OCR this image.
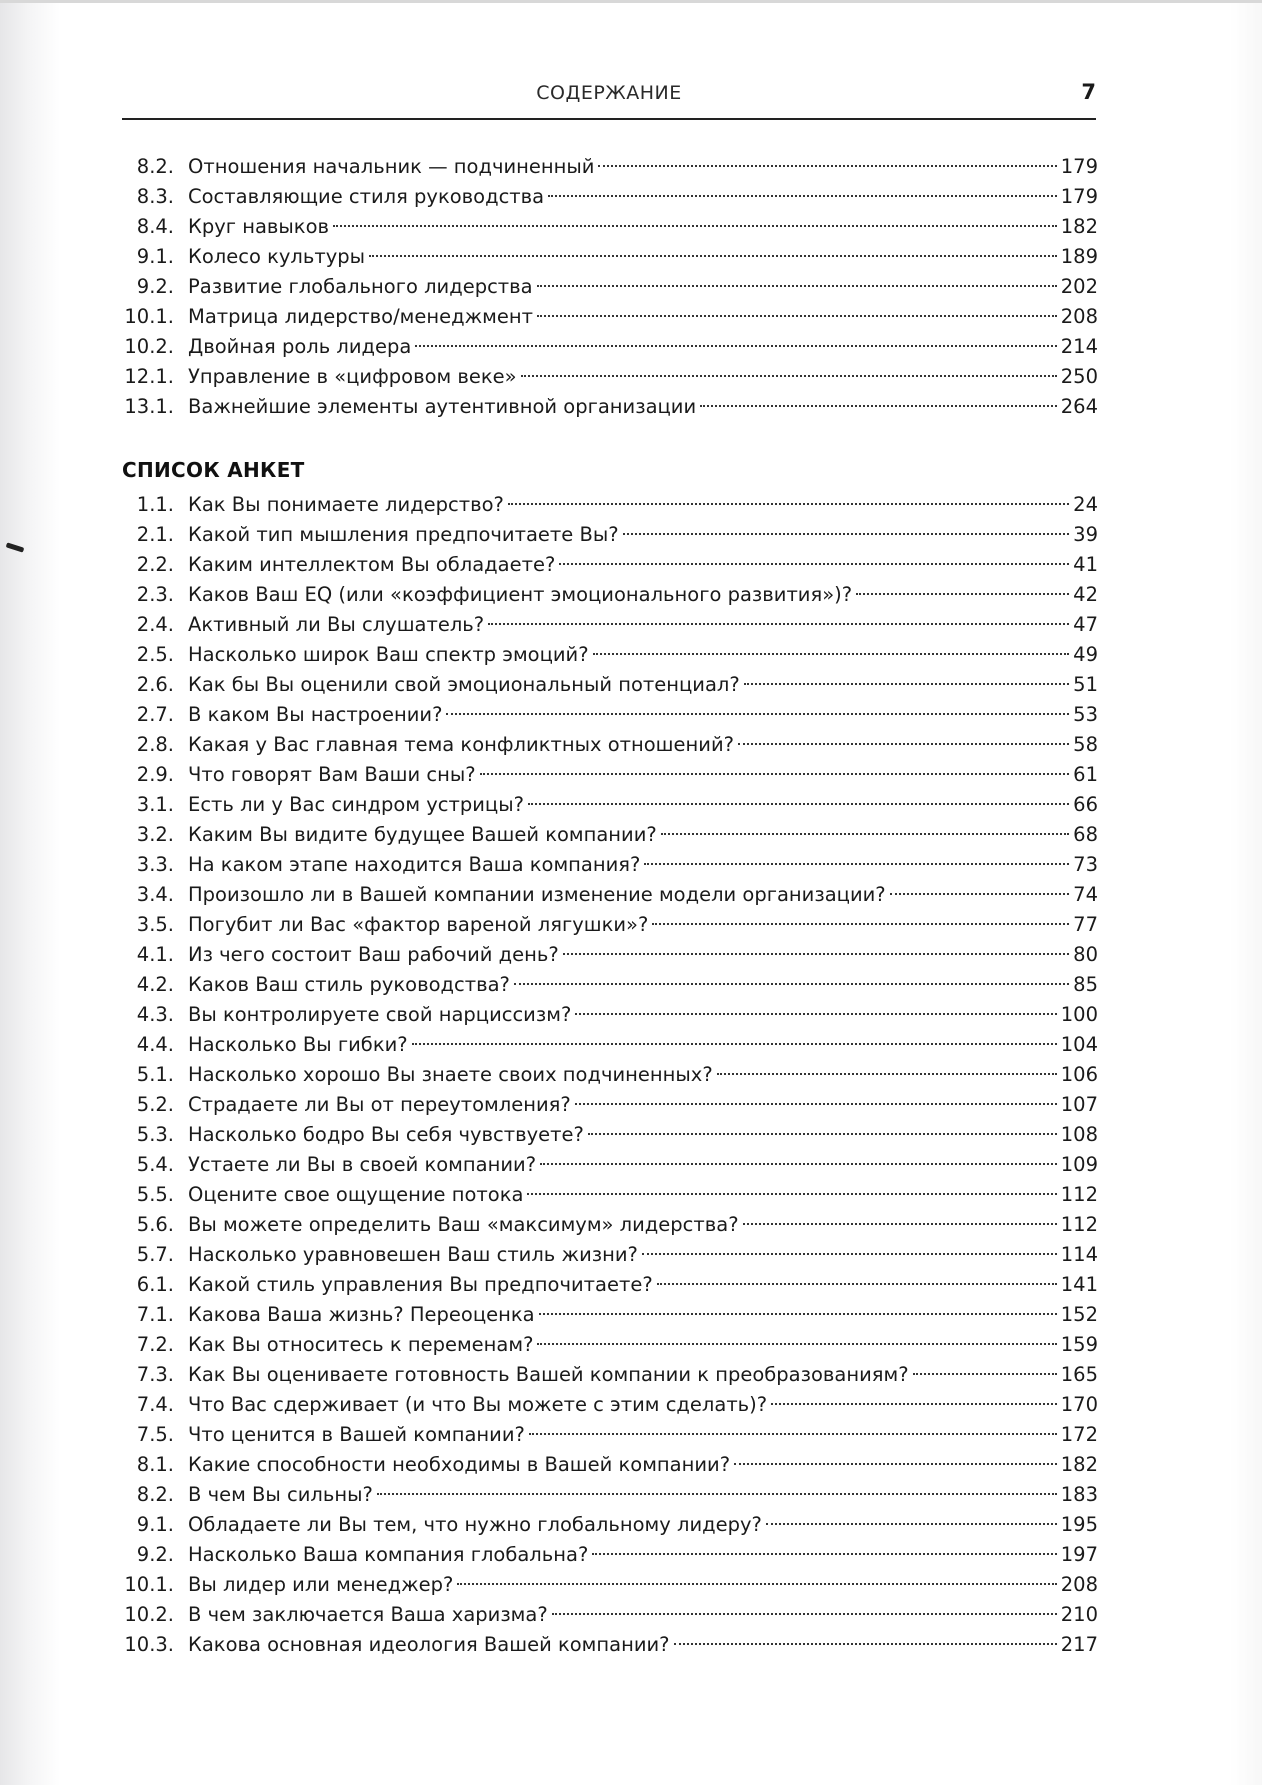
СОДЕРЖАНИЕ	7
8.2. Отношения начальник — подчиненный	179
8.3. Составляющие стиля руководства	179
8.4. Круг навыков	182
9.1. Колесо культуры	189
9.2. Развитие глобального лидерства	202
10.1. Матрица лидерство/менеджмент	208
10.2. Двойная роль лидера	214
12.1. Управление в «цифровом веке»	250
13.1. Важнейшие элементы аутентивной организации	264
СПИСОК АНКЕТ
1.1. Как Вы понимаете лидерство?	24
2.1. Какой тип мышления предпочитаете Вы?	39
2.2. Каким интеллектом Вы обладаете?	41
2.3. Каков Ваш EQ (или «коэффициент эмоционального развития»)?	42
2.4. Активный ли Вы слушатель?	47
2.5. Насколько широк Ваш спектр эмоций?	49
2.6. Как бы Вы оценили свой эмоциональный потенциал?	51
2.7. В каком Вы настроении?	53
2.8. Какая у Вас главная тема конфликтных отношений?	58
2.9. Что говорят Вам Ваши сны?	61
3.1. Есть ли у Вас синдром устрицы?	66
3.2. Каким Вы видите будущее Вашей компании?	68
3.3. На каком этапе находится Ваша компания?	73
3.4. Произошло ли в Вашей компании изменение модели организации?	74
3.5. Погубит ли Вас «фактор вареной лягушки»?	77
4.1. Из чего состоит Ваш рабочий день?	80
4.2. Каков Ваш стиль руководства?	85
4.3. Вы контролируете свой нарциссизм?	100
4.4. Насколько Вы гибки?	104
5.1. Насколько хорошо Вы знаете своих подчиненных?	106
5.2. Страдаете ли Вы от переутомления?	107
5.3. Насколько бодро Вы себя чувствуете?	108
5.4. Устаете ли Вы в своей компании?	109
5.5. Оцените свое ощущение потока	112
5.6. Вы можете определить Ваш «максимум» лидерства?	112
5.7. Насколько уравновешен Ваш стиль жизни?	114
6.1. Какой стиль управления Вы предпочитаете?	141
7.1. Какова Ваша жизнь? Переоценка	152
7.2. Как Вы относитесь к переменам?	159
7.3. Как Вы оцениваете готовность Вашей компании к преобразованиям?	165
7.4. Что Вас сдерживает (и что Вы можете с этим сделать)?	170
7.5. Что ценится в Вашей компании?	172
8.1. Какие способности необходимы в Вашей компании?	182
8.2. В чем Вы сильны?	183
9.1. Обладаете ли Вы тем, что нужно глобальному лидеру?	195
9.2. Насколько Ваша компания глобальна?	197
10.1. Вы лидер или менеджер?	208
10.2. В чем заключается Ваша харизма?	210
10.3. Какова основная идеология Вашей компании?	217
